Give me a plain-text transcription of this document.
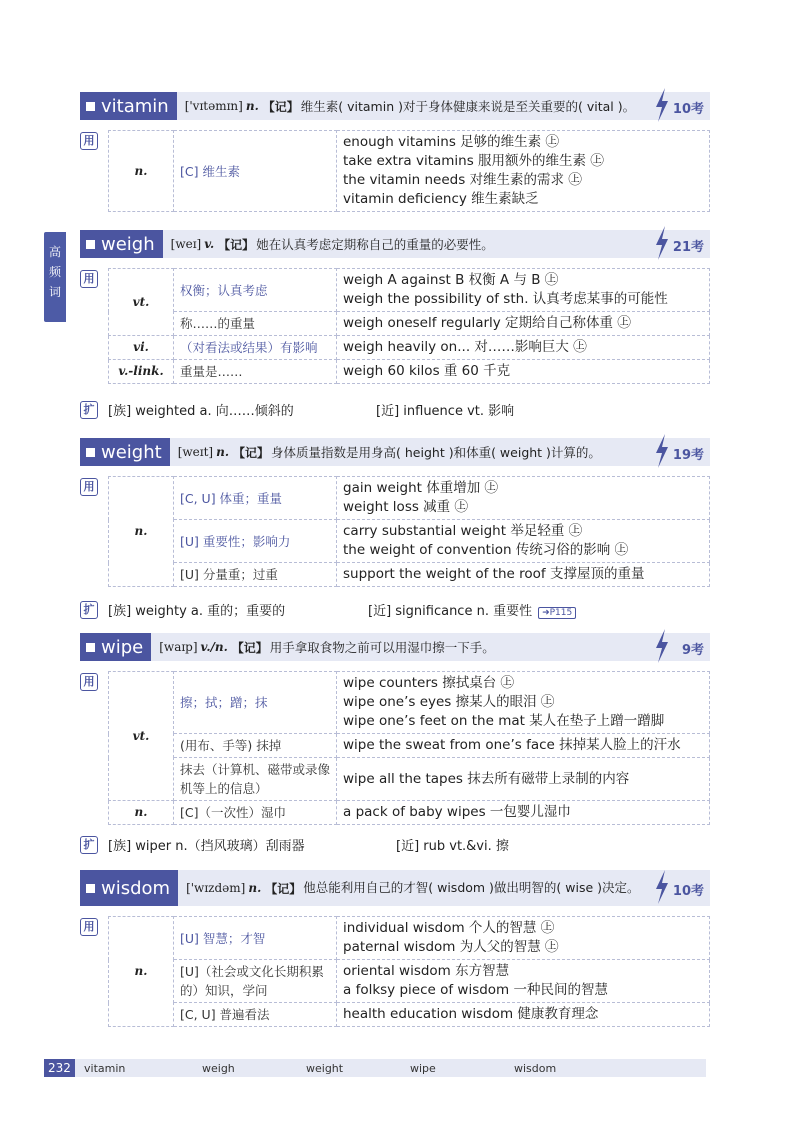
高频词
vitamin	['vɪtəmɪn] n. 【记】 维生素( vitamin )对于身体健康来说是至关重要的( vital )。	10考
用
n.	[C] 维生素	
enough vitamins 足够的维生素 ㊤
take extra vitamins 服用额外的维生素 ㊤
the vitamin needs 对维生素的需求 ㊤
vitamin deficiency 维生素缺乏
weigh	[weɪ] v. 【记】 她在认真考虑定期称自己的重量的必要性。	21考
用
vt.	权衡；认真考虑	weigh A against B 权衡 A 与 B ㊤
weigh the possibility of sth. 认真考虑某事的可能性

	称……的重量	weigh oneself regularly 定期给自己称体重 ㊤

vi.	（对看法或结果）有影响	weigh heavily on... 对……影响巨大 ㊤

v.-link.	重量是……	weigh 60 kilos 重 60 千克
扩 [族] weighted a. 向……倾斜的	[近] influence vt. 影响
weight	[weɪt] n. 【记】 身体质量指数是用身高( height )和体重( weight )计算的。	19考
用
n.	[C, U] 体重；重量	gain weight 体重增加 ㊤
weight loss 减重 ㊤

	[U] 重要性；影响力	carry substantial weight 举足轻重 ㊤
the weight of convention 传统习俗的影响 ㊤

	[U] 分量重；过重	support the weight of the roof 支撑屋顶的重量
扩 [族] weighty a. 重的；重要的	[近] significance n. 重要性 ➜P115
wipe	[waɪp] v./n. 【记】 用手拿取食物之前可以用湿巾擦一下手。	9考
用
vt.	擦；拭；蹭；抹	wipe counters 擦拭桌台 ㊤
wipe one’s eyes 擦某人的眼泪 ㊤
wipe one’s feet on the mat 某人在垫子上蹭一蹭脚

	(用布、手等) 抹掉	wipe the sweat from one’s face 抹掉某人脸上的汗水

	抹去（计算机、磁带或录像机等上的信息）	wipe all the tapes 抹去所有磁带上录制的内容

n.	[C]（一次性）湿巾	a pack of baby wipes 一包婴儿湿巾
扩 [族] wiper n.（挡风玻璃）刮雨器	[近] rub vt.&vi. 擦
wisdom	['wɪzdəm] n. 【记】 他总能利用自己的才智( wisdom )做出明智的( wise )决定。	10考
用
n.	[U] 智慧；才智	individual wisdom 个人的智慧 ㊤
paternal wisdom 为人父的智慧 ㊤

	[U]（社会或文化长期积累的）知识，学问	oriental wisdom 东方智慧
a folksy piece of wisdom 一种民间的智慧

	[C, U] 普遍看法	health education wisdom 健康教育理念
232	vitamin	weigh	weight	wipe	wisdom
